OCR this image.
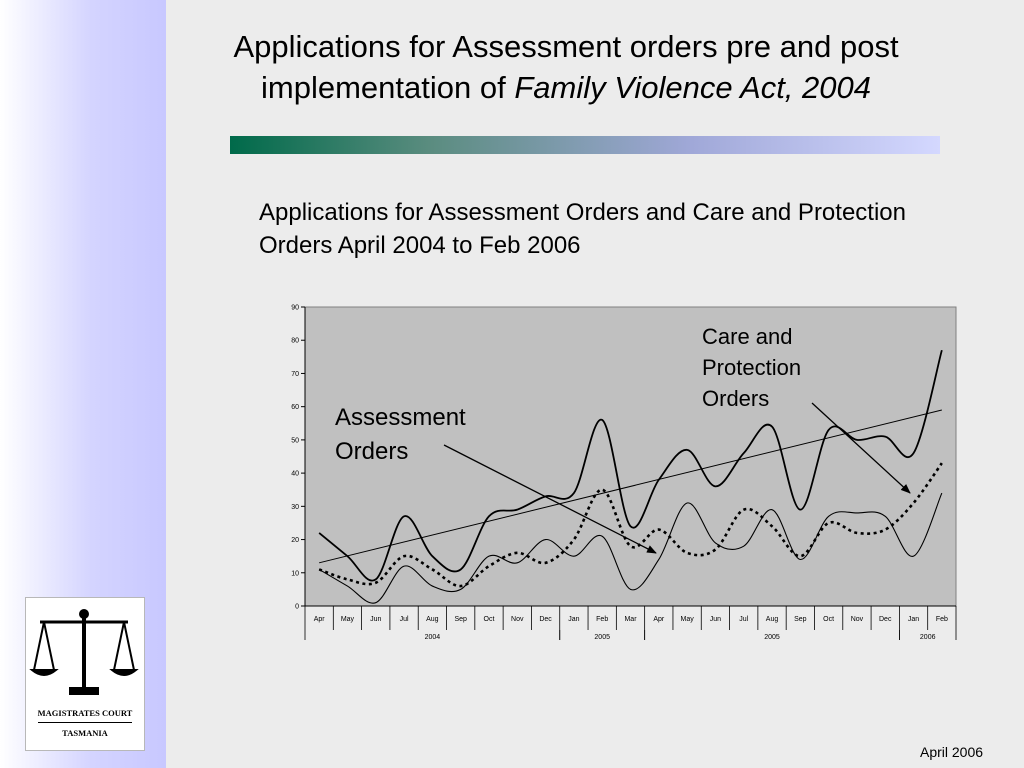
Applications for Assessment orders pre and post implementation of Family Violence Act, 2004
Applications for Assessment Orders and Care and Protection Orders April 2004 to Feb 2006
MAGISTRATES COURT
TASMANIA
0
10
20
30
40
50
60
70
80
90
Apr May Jun	Jul	Aug Sep Oct Nov Dec Jan Feb Mar Apr May Jun	Jul	Aug Sep Oct Nov Dec Jan Feb
2004	2005	2005	2006
Assessment Orders
Care and Protection Orders
April 2006
